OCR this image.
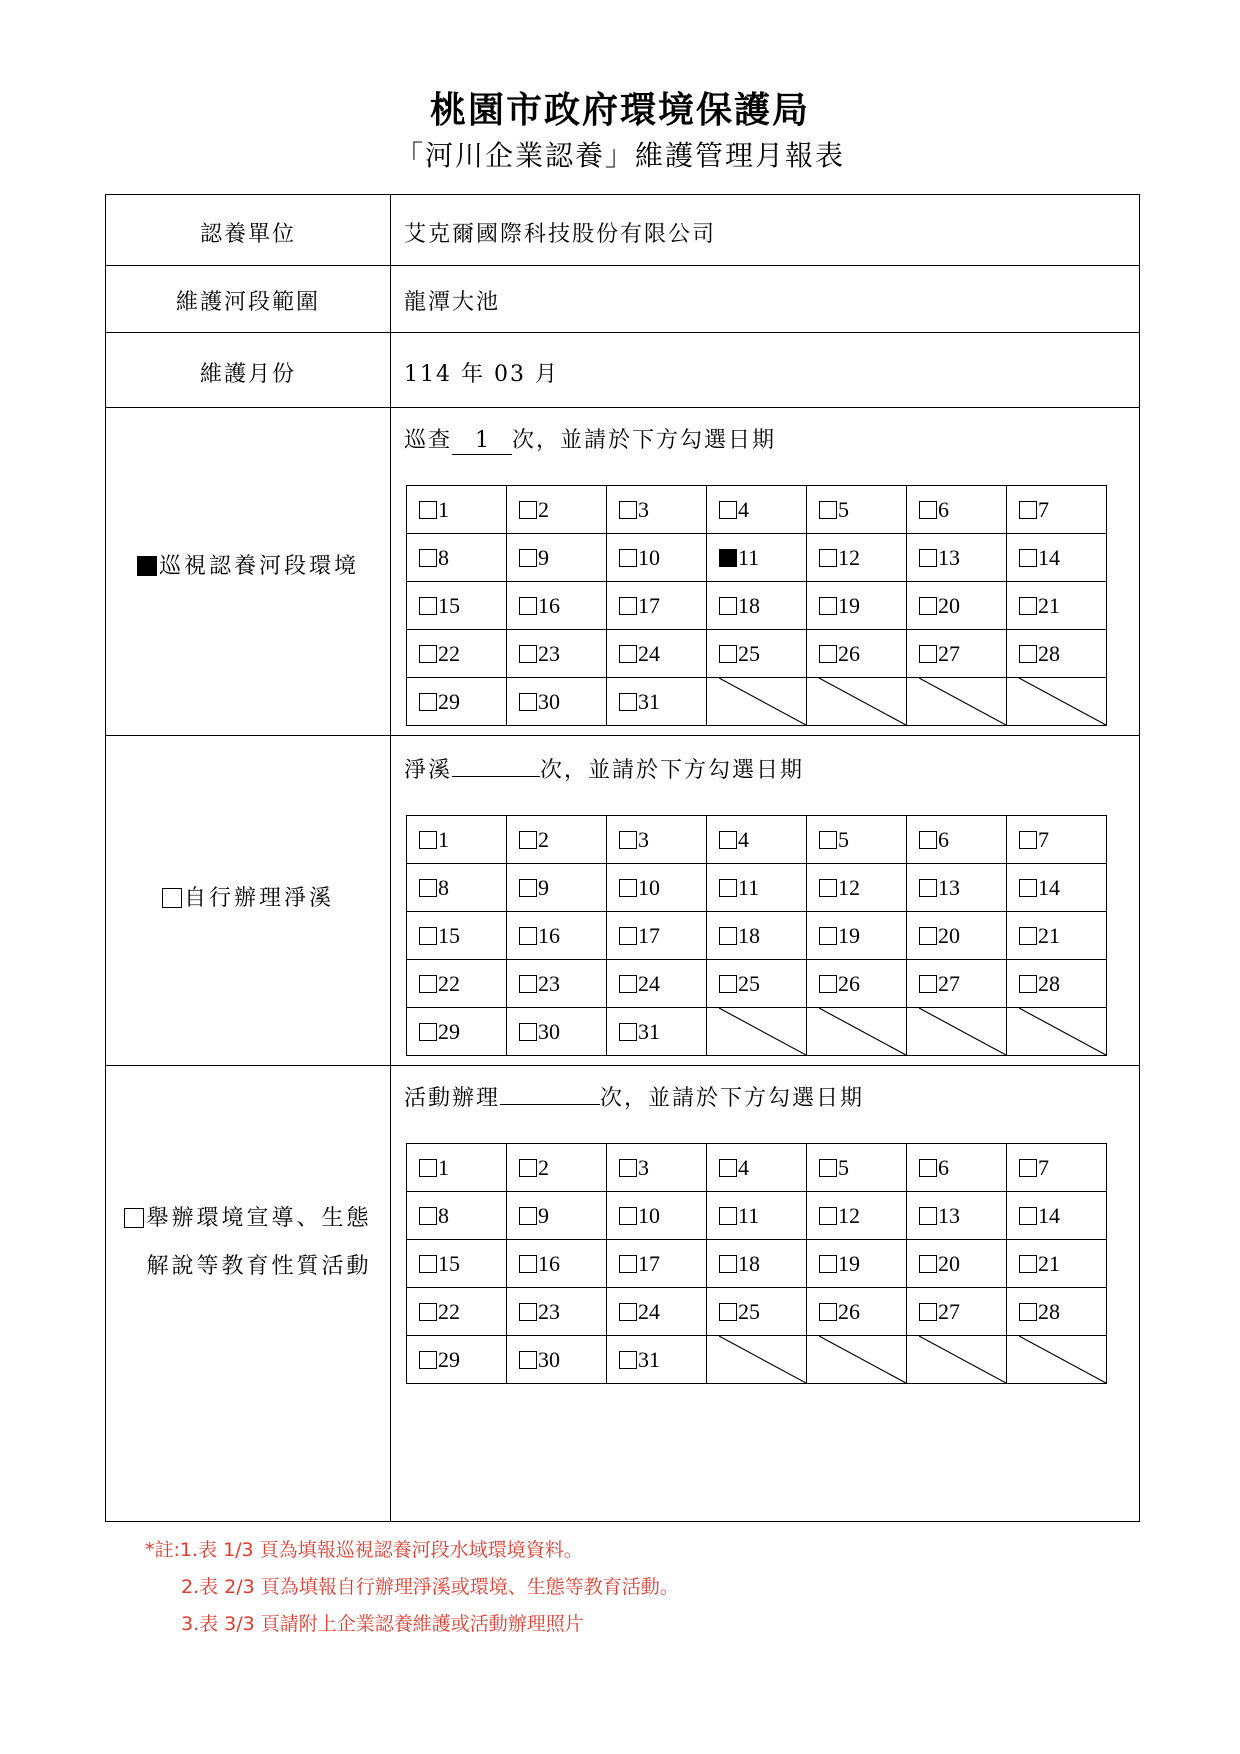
桃園市政府環境保護局
「河川企業認養」維護管理月報表
認養單位	艾克爾國際科技股份有限公司
維護河段範圍	龍潭大池
維護月份	114 年 03 月
巡視認養河段環境
巡查 1 次，並請於下方勾選日期
1	2	3	4	5	6	7
8	9	10	11	12	13	14
15	16	17	18	19	20	21
22	23	24	25	26	27	28
29	30	31	

自行辦理淨溪
淨溪	次，並請於下方勾選日期
1	2	3	4	5	6	7
8	9	10	11	12	13	14
15	16	17	18	19	20	21
22	23	24	25	26	27	28
29	30	31	

舉辦環境宣導、生態
解說等教育性質活動
活動辦理	次，並請於下方勾選日期
1	2	3	4	5	6	7
8	9	10	11	12	13	14
15	16	17	18	19	20	21
22	23	24	25	26	27	28
29	30	31	

*註:1.表 1/3 頁為填報巡視認養河段水域環境資料。
2.表 2/3 頁為填報自行辦理淨溪或環境、生態等教育活動。
3.表 3/3 頁請附上企業認養維護或活動辦理照片
